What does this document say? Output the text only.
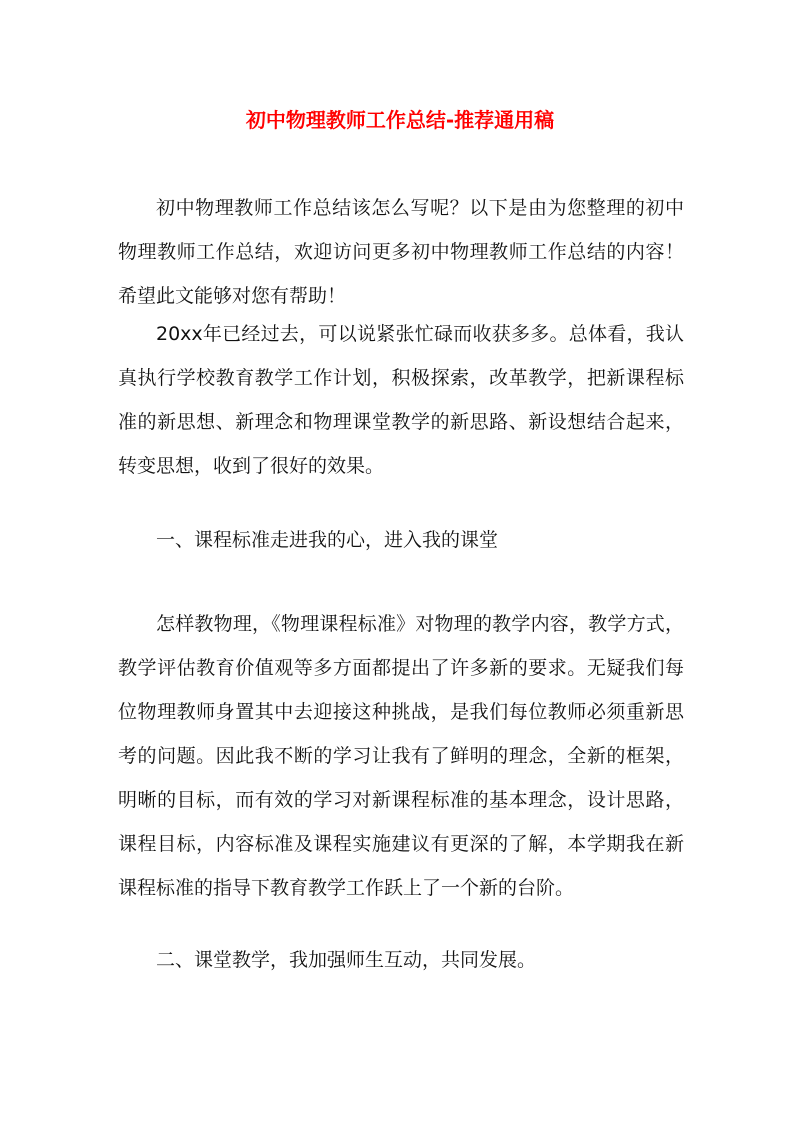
初中物理教师工作总结-推荐通用稿

初中物理教师工作总结该怎么写呢？以下是由为您整理的初中物理教师工作总结，欢迎访问更多初中物理教师工作总结的内容！希望此文能够对您有帮助！

20xx年已经过去，可以说紧张忙碌而收获多多。总体看，我认真执行学校教育教学工作计划，积极探索，改革教学，把新课程标准的新思想、新理念和物理课堂教学的新思路、新设想结合起来，转变思想，收到了很好的效果。

一、课程标准走进我的心，进入我的课堂

怎样教物理，《物理课程标准》对物理的教学内容，教学方式，教学评估教育价值观等多方面都提出了许多新的要求。无疑我们每位物理教师身置其中去迎接这种挑战，是我们每位教师必须重新思考的问题。因此我不断的学习让我有了鲜明的理念，全新的框架，明晰的目标，而有效的学习对新课程标准的基本理念，设计思路，课程目标，内容标准及课程实施建议有更深的了解，本学期我在新课程标准的指导下教育教学工作跃上了一个新的台阶。

二、课堂教学，我加强师生互动，共同发展。
